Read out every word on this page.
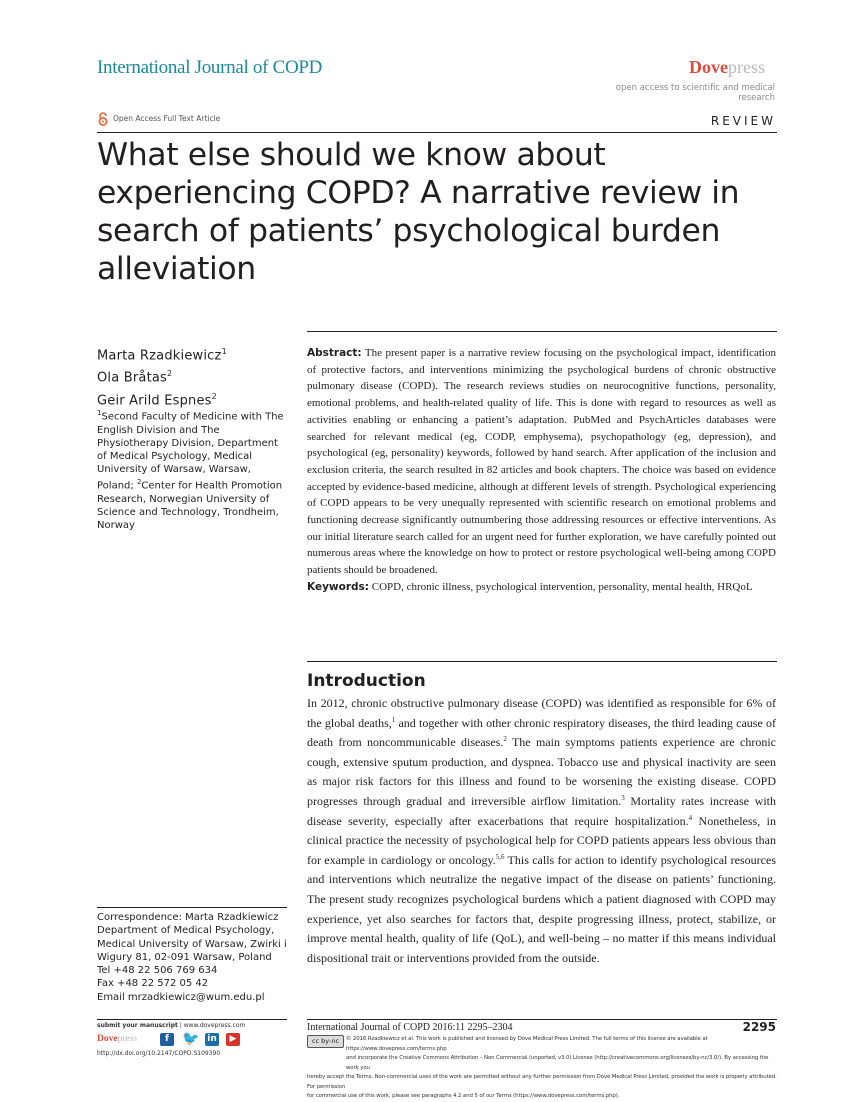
International Journal of COPD	Dovepress
open access to scientific and medical research
Open Access Full Text Article	REVIEW
What else should we know about experiencing COPD? A narrative review in search of patients’ psychological burden alleviation
Marta Rzadkiewicz$^1$
Ola Bråtas$^2$
Geir Arild Espnes$^2$
$^1$Second Faculty of Medicine with The English Division and The Physiotherapy Division, Department of Medical Psychology, Medical University of Warsaw, Warsaw, Poland; $^2$Center for Health Promotion Research, Norwegian University of Science and Technology, Trondheim, Norway
Abstract: The present paper is a narrative review focusing on the psychological impact, identification of protective factors, and interventions minimizing the psychological burdens of chronic obstructive pulmonary disease (COPD). The research reviews studies on neurocognitive functions, personality, emotional problems, and health-related quality of life. This is done with regard to resources as well as activities enabling or enhancing a patient’s adaptation. PubMed and PsychArticles databases were searched for relevant medical (eg, CODP, emphysema), psychopathology (eg, depression), and psychological (eg, personality) keywords, followed by hand search. After application of the inclusion and exclusion criteria, the search resulted in 82 articles and book chapters. The choice was based on evidence accepted by evidence-based medicine, although at different levels of strength. Psychological experiencing of COPD appears to be very unequally represented with scientific research on emotional problems and functioning decrease significantly outnumbering those addressing resources or effective interventions. As our initial literature search called for an urgent need for further exploration, we have carefully pointed out numerous areas where the knowledge on how to protect or restore psychological well-being among COPD patients should be broadened.
Keywords: COPD, chronic illness, psychological intervention, personality, mental health, HRQoL
Introduction
In 2012, chronic obstructive pulmonary disease (COPD) was identified as responsible for 6% of the global deaths,$^1$ and together with other chronic respiratory diseases, the third leading cause of death from noncommunicable diseases.$^2$ The main symptoms patients experience are chronic cough, extensive sputum production, and dyspnea. Tobacco use and physical inactivity are seen as major risk factors for this illness and found to be worsening the existing disease. COPD progresses through gradual and irreversible airflow limitation.$^3$ Mortality rates increase with disease severity, especially after exacerbations that require hospitalization.$^4$ Nonetheless, in clinical practice the necessity of psychological help for COPD patients appears less obvious than for example in cardiology or oncology.$^{5,6}$ This calls for action to identify psychological resources and interventions which neutralize the negative impact of the disease on patients’ functioning. The present study recognizes psychological burdens which a patient diagnosed with COPD may experience, yet also searches for factors that, despite progressing illness, protect, stabilize, or improve mental health, quality of life (QoL), and well-being – no matter if this means individual dispositional trait or interventions provided from the outside.
Correspondence: Marta Rzadkiewicz
Department of Medical Psychology,
Medical University of Warsaw, Zwirki i
Wigury 81, 02-091 Warsaw, Poland
Tel +48 22 506 769 634
Fax +48 22 572 05 42
Email mrzadkiewicz@wum.edu.pl
submit your manuscript | www.dovepress.com
Dovepress	f 🐦 in	▶
http://dx.doi.org/10.2147/COPD.S109390
International Journal of COPD 2016:11 2295–2304	2295
cc by-nc	© 2016 Rzadkiewicz et al. This work is published and licensed by Dove Medical Press Limited. The full terms of this license are available at https://www.dovepress.com/terms.php
and incorporate the Creative Commons Attribution – Non Commercial (unported, v3.0) License (http://creativecommons.org/licenses/by-nc/3.0/). By accessing the work you
hereby accept the Terms. Non-commercial uses of the work are permitted without any further permission from Dove Medical Press Limited, provided the work is properly attributed. For permission
for commercial use of this work, please see paragraphs 4.2 and 5 of our Terms (https://www.dovepress.com/terms.php).
